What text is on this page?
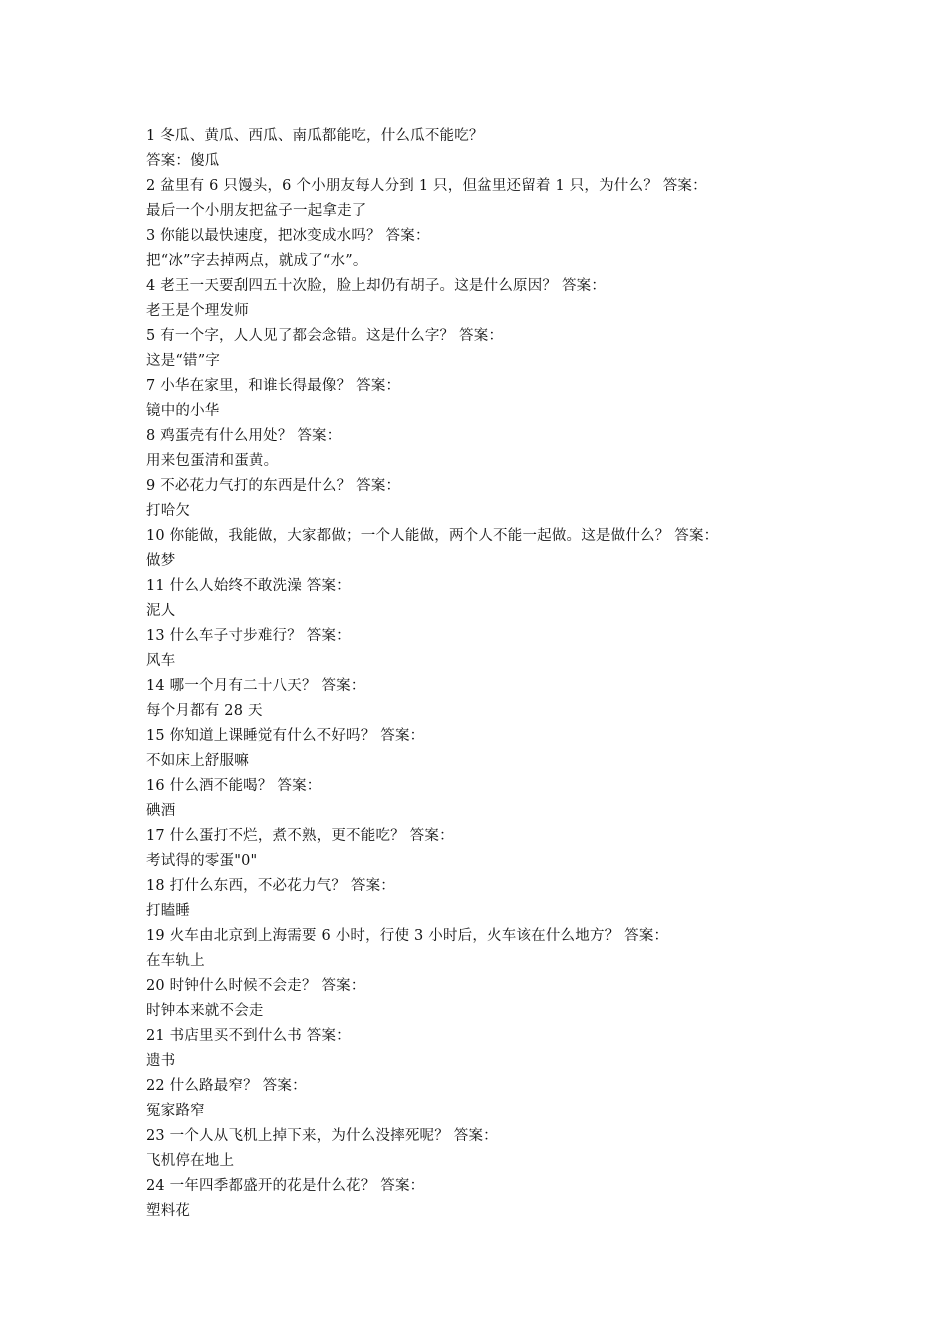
1 冬瓜、黄瓜、西瓜、南瓜都能吃，什么瓜不能吃？
答案：傻瓜
2 盆里有 6 只馒头，6 个小朋友每人分到 1 只，但盆里还留着 1 只，为什么？ 答案：
最后一个小朋友把盆子一起拿走了
3 你能以最快速度，把冰变成水吗？ 答案：
把“冰”字去掉两点，就成了“水”。
4 老王一天要刮四五十次脸，脸上却仍有胡子。这是什么原因？ 答案：
老王是个理发师
5 有一个字，人人见了都会念错。这是什么字？ 答案：
这是“错”字
7 小华在家里，和谁长得最像？ 答案：
镜中的小华
8 鸡蛋壳有什么用处？ 答案：
用来包蛋清和蛋黄。
9 不必花力气打的东西是什么？ 答案：
打哈欠
10 你能做，我能做，大家都做；一个人能做，两个人不能一起做。这是做什么？ 答案：
做梦
11 什么人始终不敢洗澡 答案：
泥人
13 什么车子寸步难行？ 答案：
风车
14 哪一个月有二十八天？ 答案：
每个月都有 28 天
15 你知道上课睡觉有什么不好吗？ 答案：
不如床上舒服嘛
16 什么酒不能喝？ 答案：
碘酒
17 什么蛋打不烂，煮不熟，更不能吃？ 答案：
考试得的零蛋"0"
18 打什么东西，不必花力气？ 答案：
打瞌睡
19 火车由北京到上海需要 6 小时，行使 3 小时后，火车该在什么地方？ 答案：
在车轨上
20 时钟什么时候不会走？ 答案：
时钟本来就不会走
21 书店里买不到什么书 答案：
遗书
22 什么路最窄？ 答案：
冤家路窄
23 一个人从飞机上掉下来，为什么没摔死呢？ 答案：
飞机停在地上
24 一年四季都盛开的花是什么花？ 答案：
塑料花
